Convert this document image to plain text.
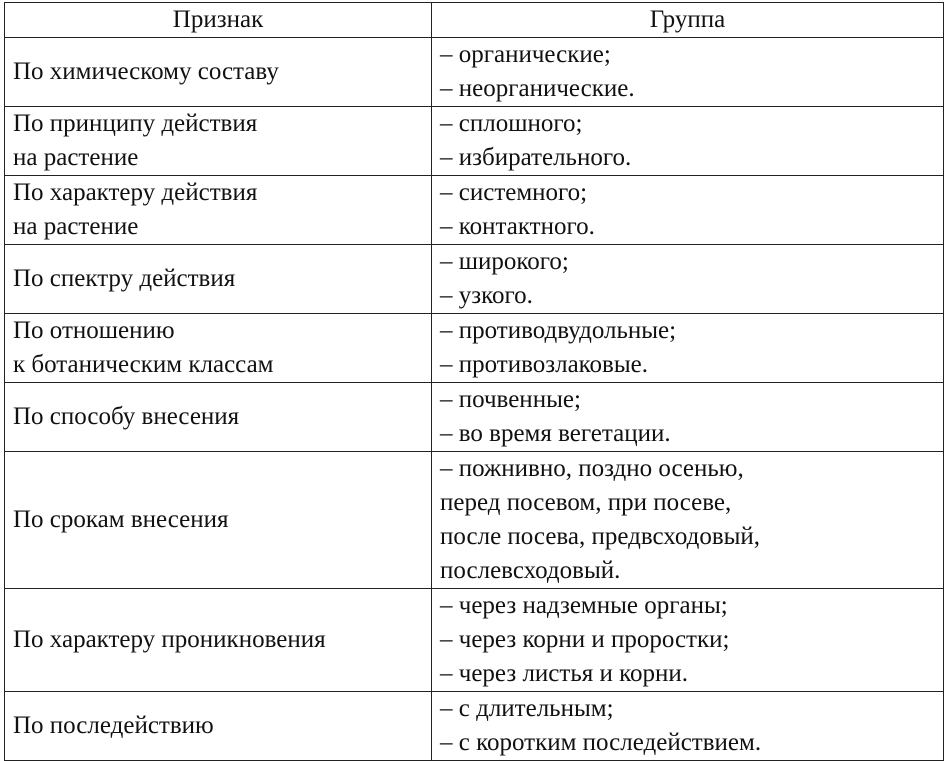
Признак	Группа

По химическому составу	– органические;
– неорганические.

По принципу действия
на растение	– сплошного;
– избирательного.

По характеру действия
на растение	– системного;
– контактного.

По спектру действия	– широкого;
– узкого.

По отношению
к ботаническим классам	– противодвудольные;
– противозлаковые.

По способу внесения	– почвенные;
– во время вегетации.

По срокам внесения	– пожнивно, поздно осенью,
перед посевом, при посеве,
после посева, предвсходовый,
послевсходовый.

По характеру проникновения	– через надземные органы;
– через корни и проростки;
– через листья и корни.

По последействию	– с длительным;
– с коротким последействием.
